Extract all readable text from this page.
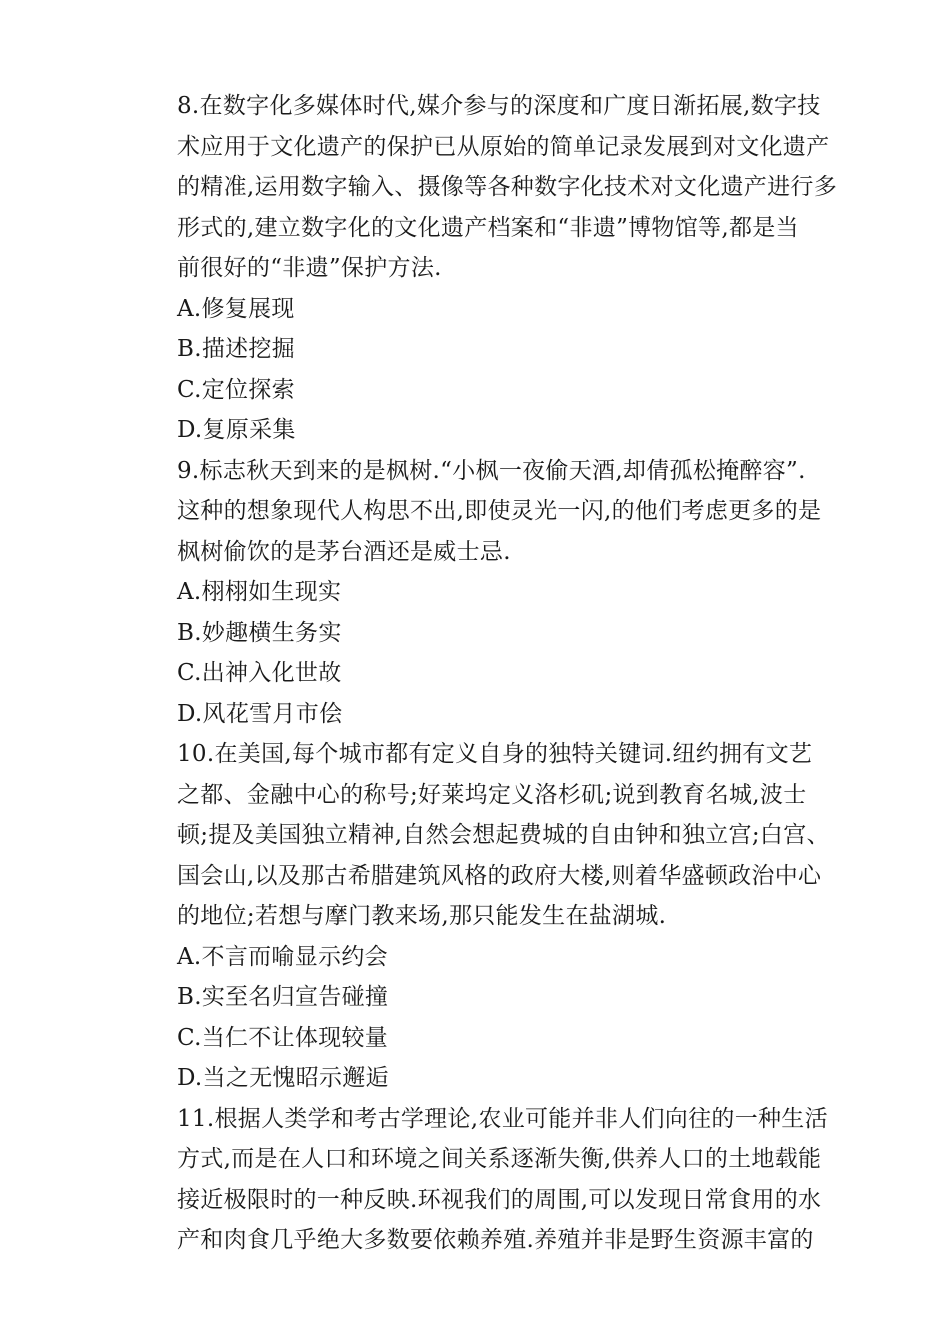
8.在数字化多媒体时代,媒介参与的深度和广度日渐拓展,数字技
术应用于文化遗产的保护已从原始的简单记录发展到对文化遗产
的精准,运用数字输入、摄像等各种数字化技术对文化遗产进行多
形式的,建立数字化的文化遗产档案和“非遗”博物馆等,都是当
前很好的“非遗”保护方法.
A.修复展现
B.描述挖掘
C.定位探索
D.复原采集
9.标志秋天到来的是枫树.“小枫一夜偷天酒,却倩孤松掩醉容”.
这种的想象现代人构思不出,即使灵光一闪,的他们考虑更多的是
枫树偷饮的是茅台酒还是威士忌.
A.栩栩如生现实
B.妙趣横生务实
C.出神入化世故
D.风花雪月市侩
10.在美国,每个城市都有定义自身的独特关键词.纽约拥有文艺
之都、金融中心的称号;好莱坞定义洛杉矶;说到教育名城,波士
顿;提及美国独立精神,自然会想起费城的自由钟和独立宫;白宫、
国会山,以及那古希腊建筑风格的政府大楼,则着华盛顿政治中心
的地位;若想与摩门教来场,那只能发生在盐湖城.
A.不言而喻显示约会
B.实至名归宣告碰撞
C.当仁不让体现较量
D.当之无愧昭示邂逅
11.根据人类学和考古学理论,农业可能并非人们向往的一种生活
方式,而是在人口和环境之间关系逐渐失衡,供养人口的土地载能
接近极限时的一种反映.环视我们的周围,可以发现日常食用的水
产和肉食几乎绝大多数要依赖养殖.养殖并非是野生资源丰富的
